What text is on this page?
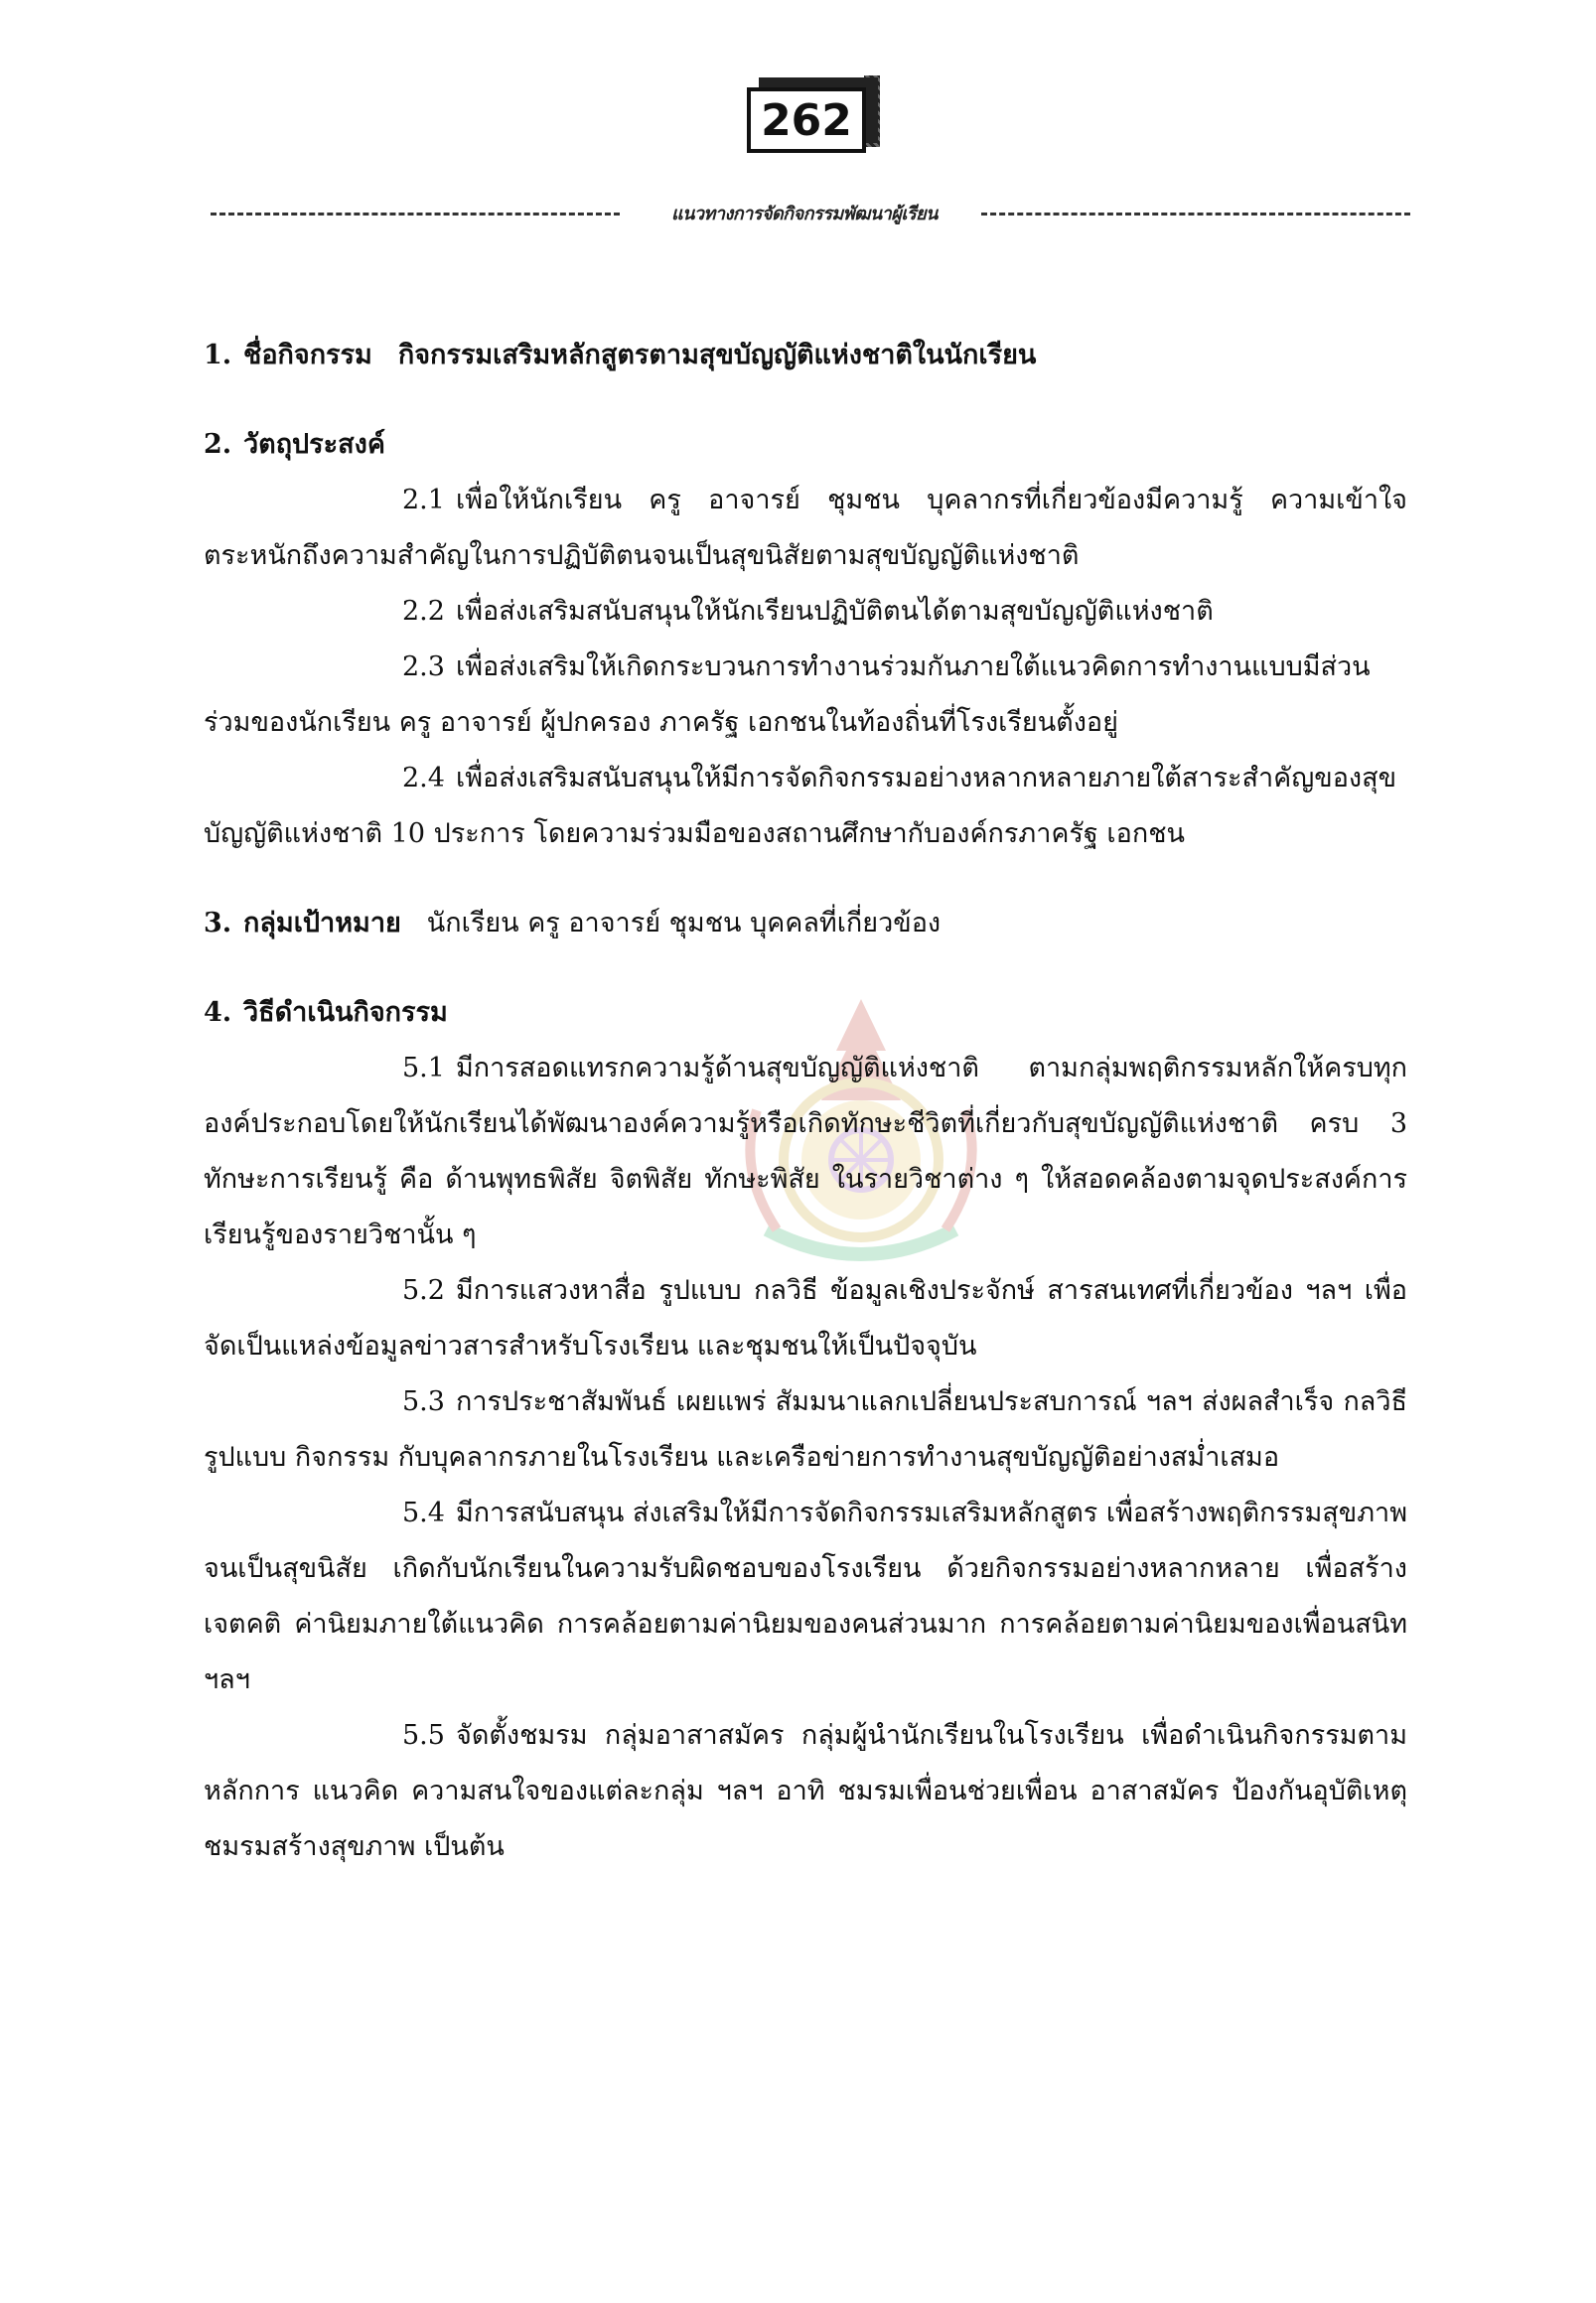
262
แนวทางการจัดกิจกรรมพัฒนาผู้เรียน

1. ชื่อกิจกรรม กิจกรรมเสริมหลักสูตรตามสุขบัญญัติแห่งชาติในนักเรียน

2. วัตถุประสงค์

2.1 เพื่อให้นักเรียน ครู อาจารย์ ชุมชน บุคลากรที่เกี่ยวข้องมีความรู้ ความเข้าใจ ตระหนักถึงความสำคัญในการปฏิบัติตนจนเป็นสุขนิสัยตามสุขบัญญัติแห่งชาติ

2.2 เพื่อส่งเสริมสนับสนุนให้นักเรียนปฏิบัติตนได้ตามสุขบัญญัติแห่งชาติ

2.3 เพื่อส่งเสริมให้เกิดกระบวนการทำงานร่วมกันภายใต้แนวคิดการทำงานแบบมีส่วนร่วมของนักเรียน ครู อาจารย์ ผู้ปกครอง ภาครัฐ เอกชนในท้องถิ่นที่โรงเรียนตั้งอยู่

2.4 เพื่อส่งเสริมสนับสนุนให้มีการจัดกิจกรรมอย่างหลากหลายภายใต้สาระสำคัญของสุขบัญญัติแห่งชาติ 10 ประการ โดยความร่วมมือของสถานศึกษากับองค์กรภาครัฐ เอกชน

3. กลุ่มเป้าหมาย นักเรียน ครู อาจารย์ ชุมชน บุคคลที่เกี่ยวข้อง

4. วิธีดำเนินกิจกรรม

5.1 มีการสอดแทรกความรู้ด้านสุขบัญญัติแห่งชาติ ตามกลุ่มพฤติกรรมหลักให้ครบทุกองค์ประกอบโดยให้นักเรียนได้พัฒนาองค์ความรู้หรือเกิดทักษะชีวิตที่เกี่ยวกับสุขบัญญัติแห่งชาติ ครบ 3 ทักษะการเรียนรู้ คือ ด้านพุทธพิสัย จิตพิสัย ทักษะพิสัย ในรายวิชาต่าง ๆ ให้สอดคล้องตามจุดประสงค์การเรียนรู้ของรายวิชานั้น ๆ

5.2 มีการแสวงหาสื่อ รูปแบบ กลวิธี ข้อมูลเชิงประจักษ์ สารสนเทศที่เกี่ยวข้อง ฯลฯ เพื่อจัดเป็นแหล่งข้อมูลข่าวสารสำหรับโรงเรียน และชุมชนให้เป็นปัจจุบัน

5.3 การประชาสัมพันธ์ เผยแพร่ สัมมนาแลกเปลี่ยนประสบการณ์ ฯลฯ ส่งผลสำเร็จ กลวิธี รูปแบบ กิจกรรม กับบุคลากรภายในโรงเรียน และเครือข่ายการทำงานสุขบัญญัติอย่างสม่ำเสมอ

5.4 มีการสนับสนุน ส่งเสริมให้มีการจัดกิจกรรมเสริมหลักสูตร เพื่อสร้างพฤติกรรมสุขภาพจนเป็นสุขนิสัย เกิดกับนักเรียนในความรับผิดชอบของโรงเรียน ด้วยกิจกรรมอย่างหลากหลาย เพื่อสร้างเจตคติ ค่านิยมภายใต้แนวคิด การคล้อยตามค่านิยมของคนส่วนมาก การคล้อยตามค่านิยมของเพื่อนสนิท ฯลฯ

5.5 จัดตั้งชมรม กลุ่มอาสาสมัคร กลุ่มผู้นำนักเรียนในโรงเรียน เพื่อดำเนินกิจกรรมตามหลักการ แนวคิด ความสนใจของแต่ละกลุ่ม ฯลฯ อาทิ ชมรมเพื่อนช่วยเพื่อน อาสาสมัคร ป้องกันอุบัติเหตุ ชมรมสร้างสุขภาพ เป็นต้น
